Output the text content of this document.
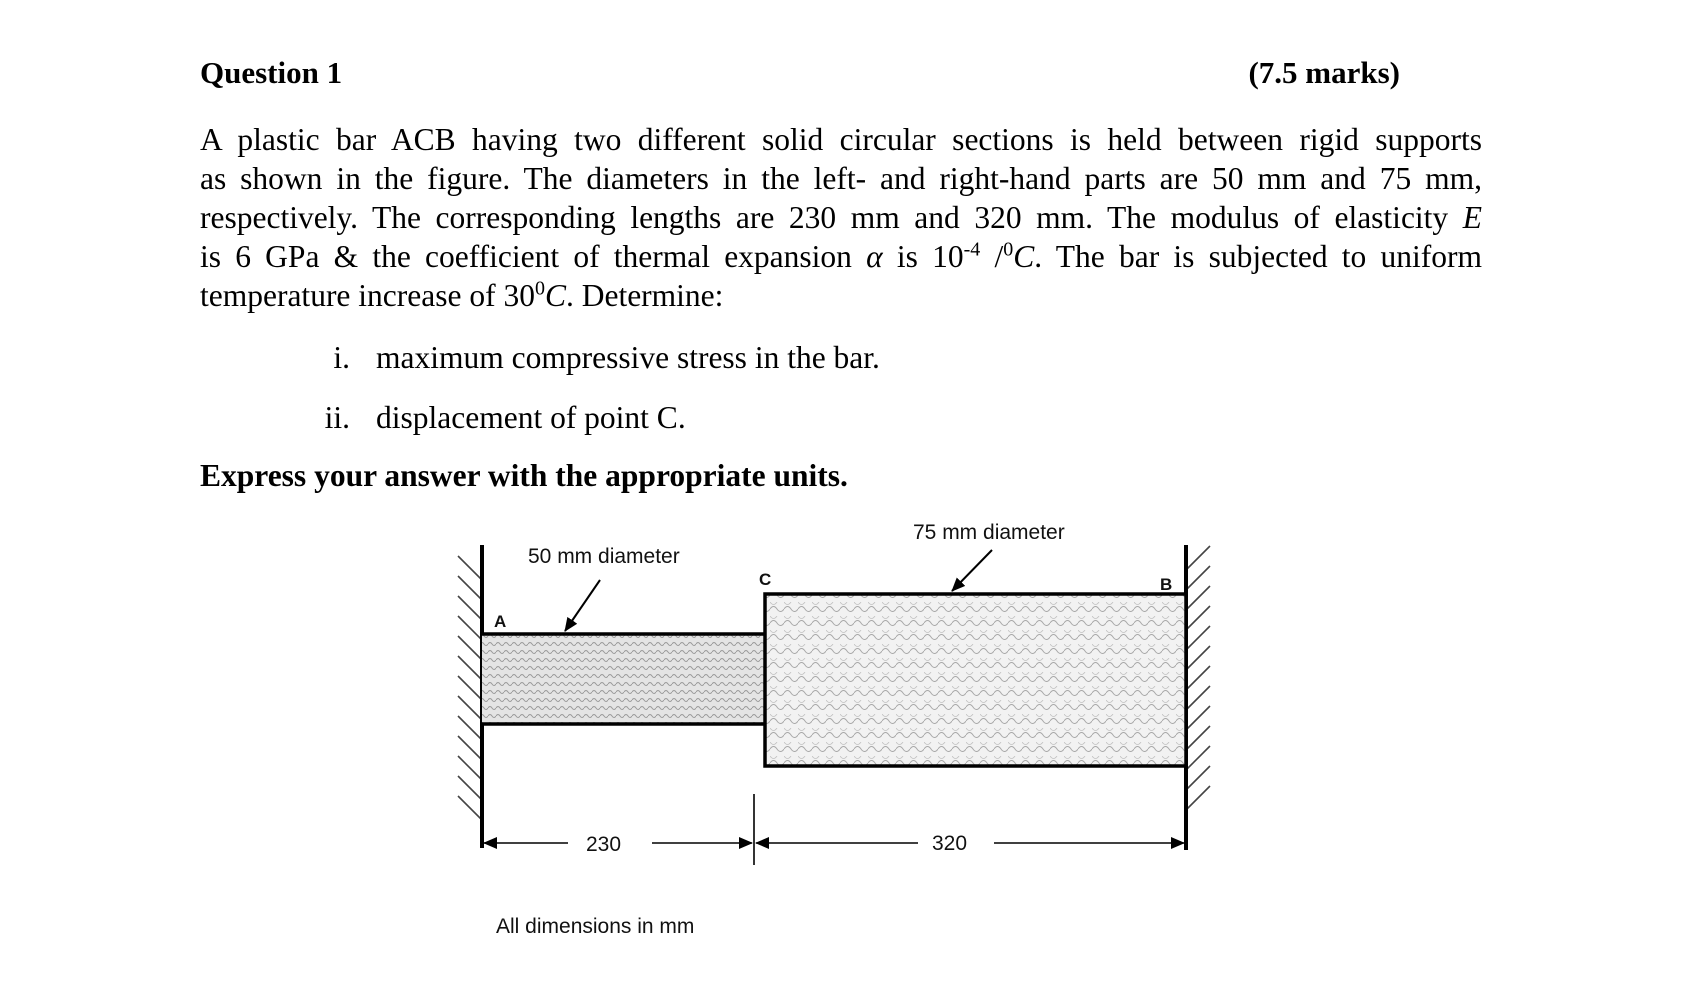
Question 1	(7.5 marks)
A plastic bar ACB having two different solid circular sections is held between rigid supports
as shown in the figure. The diameters in the left- and right-hand parts are 50 mm and 75 mm,
respectively. The corresponding lengths are 230 mm and 320 mm. The modulus of elasticity E
is 6 GPa & the coefficient of thermal expansion α is $10^{-4}$ /$^0$C. The bar is subjected to uniform
temperature increase of $30^0C$. Determine:
i. maximum compressive stress in the bar.
ii. displacement of point C.
Express your answer with the appropriate units.
50 mm diameter
75 mm diameter
A
C	B
230	320
All dimensions in mm
